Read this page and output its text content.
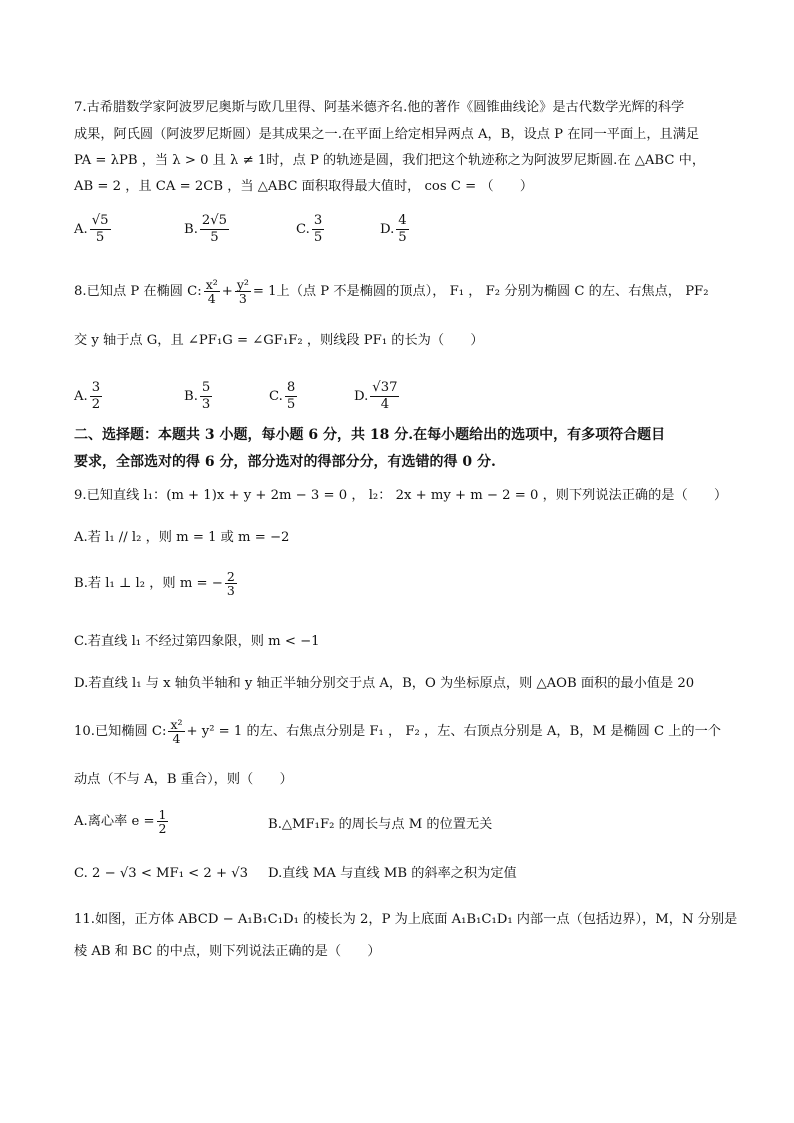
7.古希腊数学家阿波罗尼奥斯与欧几里得、阿基米德齐名.他的著作《圆锥曲线论》是古代数学光辉的科学
成果，阿氏圆（阿波罗尼斯圆）是其成果之一.在平面上给定相异两点 A，B，设点 P 在同一平面上，且满足
PA = λPB ，当 λ > 0 且 λ ≠ 1时，点 P 的轨迹是圆，我们把这个轨迹称之为阿波罗尼斯圆.在 △ABC 中，
AB = 2 ，且 CA = 2CB ，当 △ABC 面积取得最大值时， cos C = （　　）
A. $\frac{√5}{5}$	B. $\frac{2√5}{5}$	C. $\frac{3}{5}$	D. $\frac{4}{5}$
8.已知点 P 在椭圆 C: $\frac{\text{x²}}{4} + \frac{\text{y²}}{3} = 1$上（点 P 不是椭圆的顶点）， F₁ ， F₂ 分别为椭圆 C 的左、右焦点， PF₂
交 y 轴于点 G，且 ∠PF₁G = ∠GF₁F₂ ，则线段 PF₁ 的长为（　　）
A. $\frac{3}{2}$	B. $\frac{5}{3}$	C. $\frac{8}{5}$	D. $\frac{√37}{4}$
二、选择题：本题共 3 小题，每小题 6 分，共 18 分.在每小题给出的选项中，有多项符合题目
要求，全部选对的得 6 分，部分选对的得部分分，有选错的得 0 分.
9.已知直线 l₁：(m + 1)x + y + 2m − 3 = 0 ， l₂： 2x + my + m − 2 = 0 ，则下列说法正确的是（　　）
A.若 l₁ // l₂ ，则 m = 1 或 m = −2
B.若 l₁ ⊥ l₂ ，则 m = − $\frac{2}{3}$
C.若直线 l₁ 不经过第四象限，则 m < −1
D.若直线 l₁ 与 x 轴负半轴和 y 轴正半轴分别交于点 A，B，O 为坐标原点，则 △AOB 面积的最小值是 20
10.已知椭圆 C: $\frac{\text{x²}}{4} + y^2 = 1$ 的左、右焦点分别是 F₁ ， F₂ ，左、右顶点分别是 A，B，M 是椭圆 C 上的一个
动点（不与 A，B 重合），则（　　）
A.离心率 $e = \frac{1}{2}$	B.△MF₁F₂ 的周长与点 M 的位置无关
C. 2 − √3 < MF₁ < 2 + √3 D.直线 MA 与直线 MB 的斜率之积为定值
11.如图，正方体 ABCD − A₁B₁C₁D₁ 的棱长为 2，P 为上底面 A₁B₁C₁D₁ 内部一点（包括边界），M，N 分别是
棱 AB 和 BC 的中点，则下列说法正确的是（　　）
